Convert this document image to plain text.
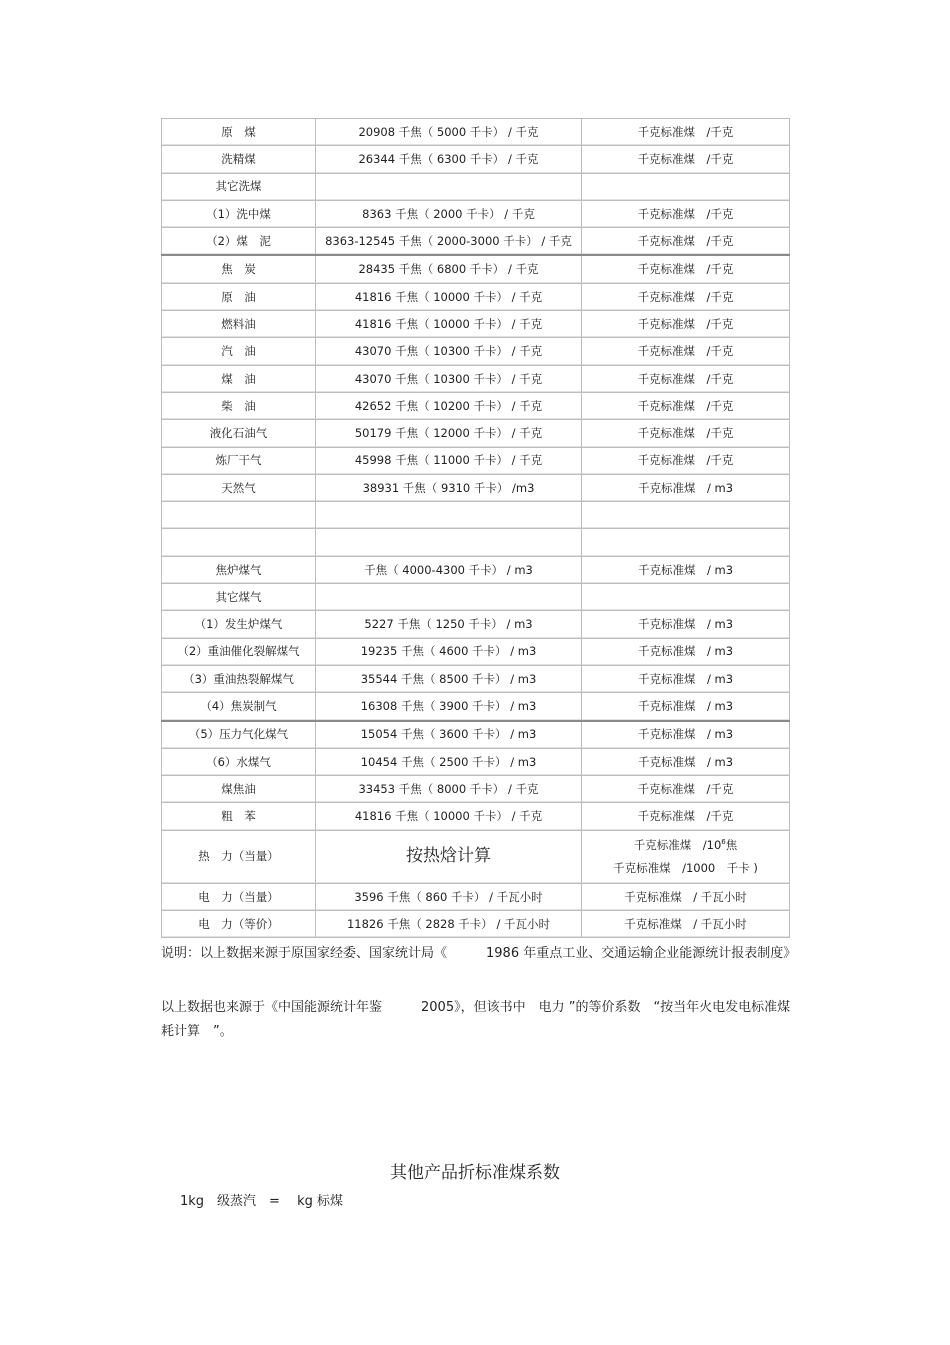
原　煤	20908 千焦（ 5000 千卡） / 千克	千克标准煤　/千克
洗精煤	26344 千焦（ 6300 千卡） / 千克	千克标准煤　/千克
其它洗煤		
（1）洗中煤	8363 千焦（ 2000 千卡） / 千克	千克标准煤　/千克
（2）煤　泥	8363-12545 千焦（ 2000-3000 千卡） / 千克	千克标准煤　/千克
焦　炭	28435 千焦（ 6800 千卡） / 千克	千克标准煤　/千克
原　油	41816 千焦（ 10000 千卡） / 千克	千克标准煤　/千克
燃料油	41816 千焦（ 10000 千卡） / 千克	千克标准煤　/千克
汽　油	43070 千焦（ 10300 千卡） / 千克	千克标准煤　/千克
煤　油	43070 千焦（ 10300 千卡） / 千克	千克标准煤　/千克
柴　油	42652 千焦（ 10200 千卡） / 千克	千克标准煤　/千克
液化石油气	50179 千焦（ 12000 千卡） / 千克	千克标准煤　/千克
炼厂干气	45998 千焦（ 11000 千卡） / 千克	千克标准煤　/千克
天然气	38931 千焦（ 9310 千卡） /m3	千克标准煤　/ m3

焦炉煤气	千焦（ 4000-4300 千卡） / m3	千克标准煤　/ m3
其它煤气		
（1）发生炉煤气	5227 千焦（ 1250 千卡） / m3	千克标准煤　/ m3
（2）重油催化裂解煤气	19235 千焦（ 4600 千卡） / m3	千克标准煤　/ m3
（3）重油热裂解煤气	35544 千焦（ 8500 千卡） / m3	千克标准煤　/ m3
（4）焦炭制气	16308 千焦（ 3900 千卡） / m3	千克标准煤　/ m3
（5）压力气化煤气	15054 千焦（ 3600 千卡） / m3	千克标准煤　/ m3
（6）水煤气	10454 千焦（ 2500 千卡） / m3	千克标准煤　/ m3
煤焦油	33453 千焦（ 8000 千卡） / 千克	千克标准煤　/千克
粗　苯	41816 千焦（ 10000 千卡） / 千克	千克标准煤　/千克
热　力（当量）	按热焓计算	千克标准煤　$/10^6$焦
千克标准煤　/1000　千卡 )

电　力（当量）	3596 千焦（ 860 千卡） / 千瓦小时	千克标准煤　/ 千瓦小时
电　力（等价）	11826 千焦（ 2828 千卡） / 千瓦小时	千克标准煤　/ 千瓦小时
说明：以上数据来源于原国家经委、国家统计局《　　　1986 年重点工业、交通运输企业能源统计报表制度》
以上数据也来源于《中国能源统计年鉴　　　2005》，但该书中　电力 ”的等价系数　“按当年火电发电标准煤耗计算　”。
其他产品折标准煤系数
1kg　级蒸汽　=　 kg 标煤
